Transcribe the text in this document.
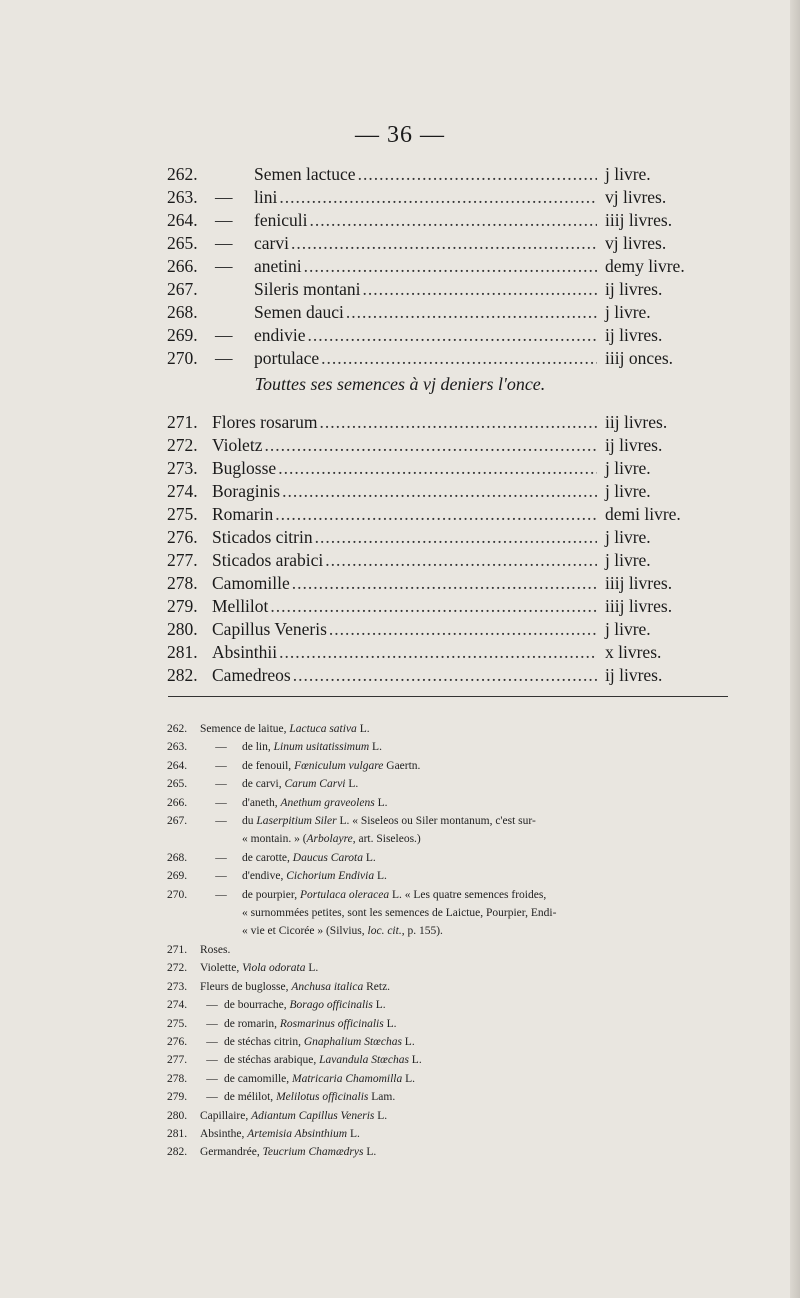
— 36 —
262.	Semen lactuce .....	j livre.
263. —	lini .....	vj livres.
264. —	feniculi .....	iiij livres.
265. —	carvi .....	vj livres.
266. —	anetini .....	demy livre.
267.	Sileris montani .....	ij livres.
268.	Semen dauci .....	j livre.
269. —	endivie .....	ij livres.
270. —	portulace .....	iiij onces.
Touttes ses semences à vj deniers l'once.
271. Flores rosarum .....	iij livres.
272. Violetz .....	ij livres.
273. Buglosse .....	j livre.
274. Boraginis .....	j livre.
275. Romarin .....	demi livre.
276. Sticados citrin .....	j livre.
277. Sticados arabici .....	j livre.
278. Camomille .....	iiij livres.
279. Mellilot .....	iiij livres.
280. Capillus Veneris .....	j livre.
281. Absinthii .....	x livres.
282. Camedreos .....	ij livres.
262.	Semence de laitue, Lactuca sativa L.
263.	—	de lin, Linum usitatissimum L.
264.	—	de fenouil, Fœniculum vulgare Gaertn.
265.	—	de carvi, Carum Carvi L.
266.	—	d'aneth, Anethum graveolens L.
267.	—	du Laserpitium Siler L. « Siseleos ou Siler montanum, c'est sur-
« montain. » (Arbolayre, art. Siseleos.)
268.	—	de carotte, Daucus Carota L.
269.	—	d'endive, Cichorium Endivia L.
270.	—	de pourpier, Portulaca oleracea L. « Les quatre semences froides,
« surnommées petites, sont les semences de Laictue, Pourpier, Endi-
« vie et Cicorée » (Silvius, loc. cit., p. 155).
271.	Roses.
272.	Violette, Viola odorata L.
273.	Fleurs de buglosse, Anchusa italica Retz.
274.	— de bourrache, Borago officinalis L.
275.	— de romarin, Rosmarinus officinalis L.
276.	— de stéchas citrin, Gnaphalium Stœchas L.
277.	— de stéchas arabique, Lavandula Stœchas L.
278.	— de camomille, Matricaria Chamomilla L.
279.	— de mélilot, Melilotus officinalis Lam.
280.	Capillaire, Adiantum Capillus Veneris L.
281.	Absinthe, Artemisia Absinthium L.
282.	Germandrée, Teucrium Chamædrys L.
